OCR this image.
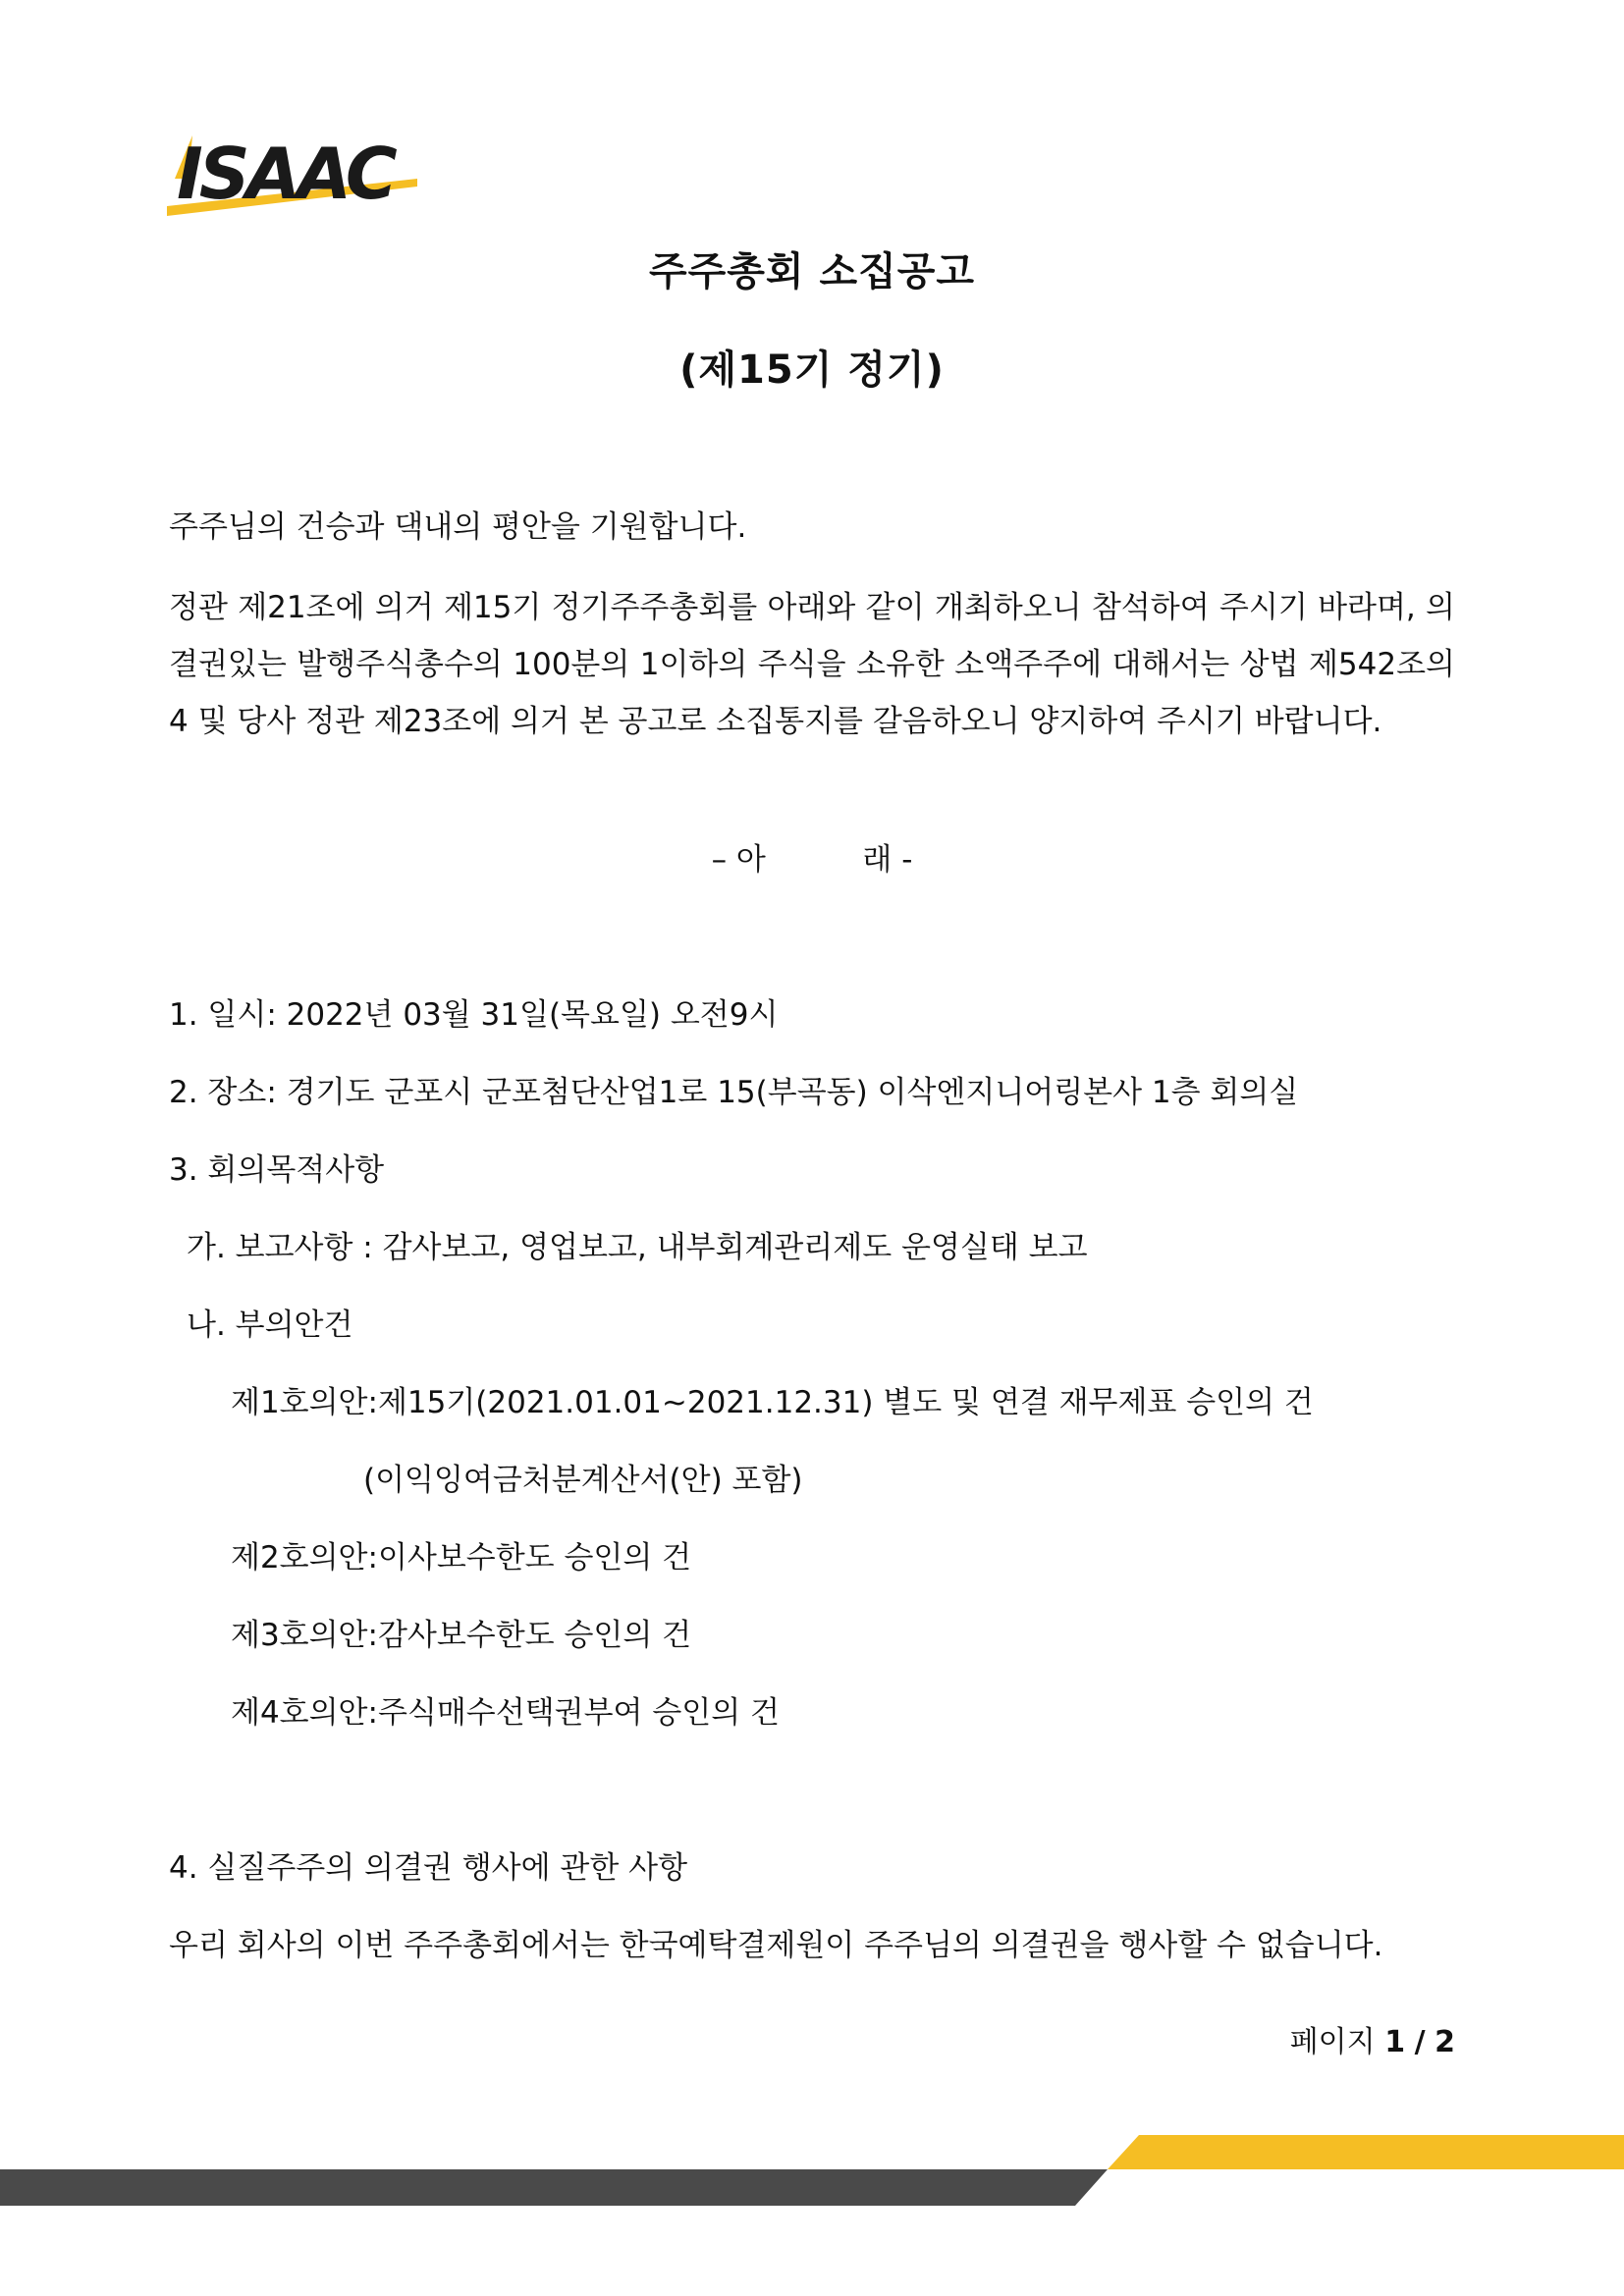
ISAAC
주주총회 소집공고
(제15기 정기)

주주님의 건승과 댁내의 평안을 기원합니다.

정관 제21조에 의거 제15기 정기주주총회를 아래와 같이 개최하오니 참석하여 주시기 바라며, 의결권있는 발행주식총수의 100분의 1이하의 주식을 소유한 소액주주에 대해서는 상법 제542조의4 및 당사 정관 제23조에 의거 본 공고로 소집통지를 갈음하오니 양지하여 주시기 바랍니다.

– 아          래 -

1. 일시: 2022년 03월 31일(목요일) 오전9시

2. 장소: 경기도 군포시 군포첨단산업1로 15(부곡동) 이삭엔지니어링본사 1층 회의실

3. 회의목적사항

가. 보고사항 : 감사보고, 영업보고, 내부회계관리제도 운영실태 보고

나. 부의안건

제1호의안:제15기(2021.01.01~2021.12.31) 별도 및 연결 재무제표 승인의 건

(이익잉여금처분계산서(안) 포함)

제2호의안:이사보수한도 승인의 건

제3호의안:감사보수한도 승인의 건

제4호의안:주식매수선택권부여 승인의 건

4. 실질주주의 의결권 행사에 관한 사항

우리 회사의 이번 주주총회에서는 한국예탁결제원이 주주님의 의결권을 행사할 수 없습니다.

페이지 1 / 2
